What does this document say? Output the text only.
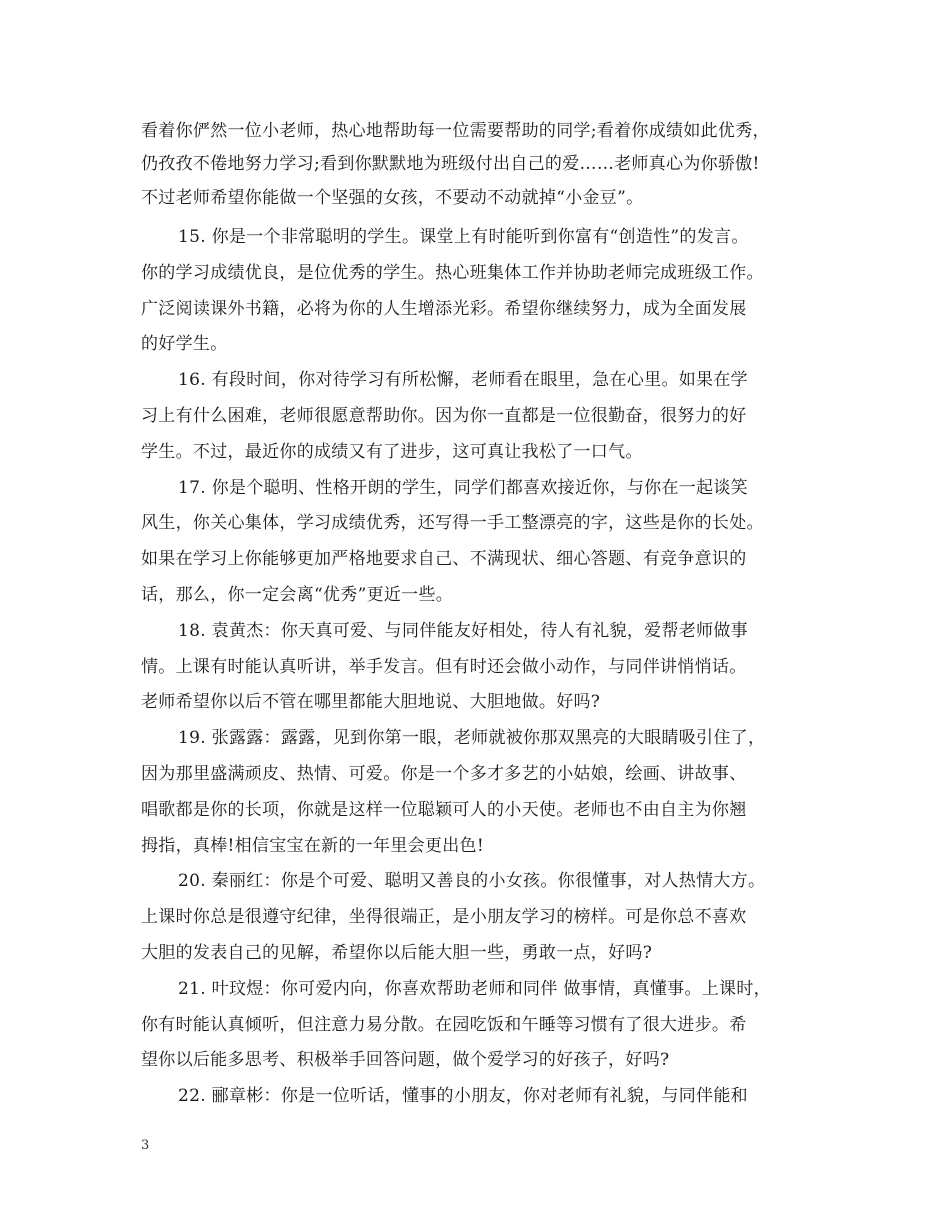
看着你俨然一位小老师，热心地帮助每一位需要帮助的同学;看着你成绩如此优秀，
仍孜孜不倦地努力学习;看到你默默地为班级付出自己的爱……老师真心为你骄傲!
不过老师希望你能做一个坚强的女孩，不要动不动就掉“小金豆”。
15. 你是一个非常聪明的学生。课堂上有时能听到你富有“创造性”的发言。
你的学习成绩优良，是位优秀的学生。热心班集体工作并协助老师完成班级工作。
广泛阅读课外书籍，必将为你的人生增添光彩。希望你继续努力，成为全面发展
的好学生。
16. 有段时间，你对待学习有所松懈，老师看在眼里，急在心里。如果在学
习上有什么困难，老师很愿意帮助你。因为你一直都是一位很勤奋，很努力的好
学生。不过，最近你的成绩又有了进步，这可真让我松了一口气。
17. 你是个聪明、性格开朗的学生，同学们都喜欢接近你，与你在一起谈笑
风生，你关心集体，学习成绩优秀，还写得一手工整漂亮的字，这些是你的长处。
如果在学习上你能够更加严格地要求自己、不满现状、细心答题、有竞争意识的
话，那么，你一定会离“优秀”更近一些。
18. 袁黄杰：你天真可爱、与同伴能友好相处，待人有礼貌，爱帮老师做事
情。上课有时能认真听讲，举手发言。但有时还会做小动作，与同伴讲悄悄话。
老师希望你以后不管在哪里都能大胆地说、大胆地做。好吗?
19. 张露露：露露，见到你第一眼，老师就被你那双黑亮的大眼睛吸引住了，
因为那里盛满顽皮、热情、可爱。你是一个多才多艺的小姑娘，绘画、讲故事、
唱歌都是你的长项，你就是这样一位聪颖可人的小天使。老师也不由自主为你翘
拇指，真棒!相信宝宝在新的一年里会更出色!
20. 秦丽红：你是个可爱、聪明又善良的小女孩。你很懂事，对人热情大方。
上课时你总是很遵守纪律，坐得很端正，是小朋友学习的榜样。可是你总不喜欢
大胆的发表自己的见解，希望你以后能大胆一些，勇敢一点，好吗?
21. 叶玟煜：你可爱内向，你喜欢帮助老师和同伴 做事情，真懂事。上课时，
你有时能认真倾听，但注意力易分散。在园吃饭和午睡等习惯有了很大进步。希
望你以后能多思考、积极举手回答问题，做个爱学习的好孩子，好吗?
22. 郦章彬：你是一位听话，懂事的小朋友，你对老师有礼貌，与同伴能和
3
